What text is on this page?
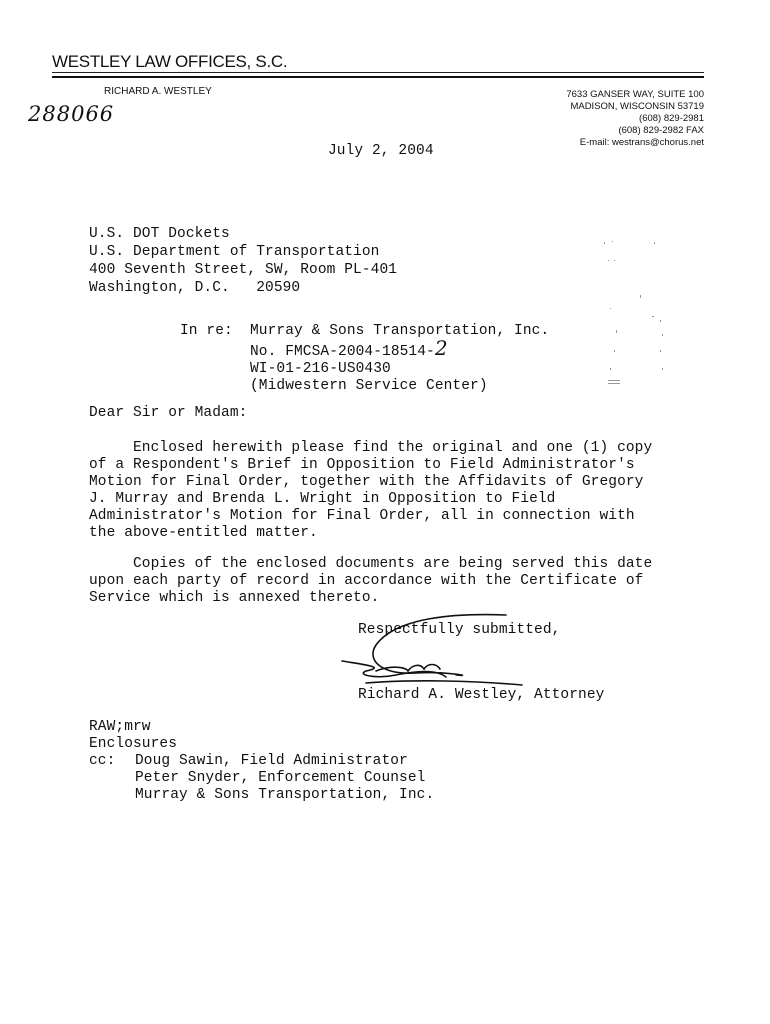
WESTLEY LAW OFFICES, S.C.
RICHARD A. WESTLEY	7633 GANSER WAY, SUITE 100
MADISON, WISCONSIN 53719
(608) 829-2981
(608) 829-2982 FAX
E-mail: westrans@chorus.net
288066
July 2, 2004
U.S. DOT Dockets
U.S. Department of Transportation
400 Seventh Street, SW, Room PL-401
Washington, D.C.   20590
In re: Murray & Sons Transportation, Inc.
No. FMCSA-2004-18514-2
WI-01-216-US0430
(Midwestern Service Center)
Dear Sir or Madam:
Enclosed herewith please find the original and one (1) copy
of a Respondent's Brief in Opposition to Field Administrator's
Motion for Final Order, together with the Affidavits of Gregory
J. Murray and Brenda L. Wright in Opposition to Field
Administrator's Motion for Final Order, all in connection with
the above-entitled matter.
Copies of the enclosed documents are being served this date
upon each party of record in accordance with the Certificate of
Service which is annexed thereto.
Respectfully submitted,
Richard A. Westley, Attorney
RAW;mrw
Enclosures
cc: Doug Sawin, Field Administrator
Peter Snyder, Enforcement Counsel
Murray & Sons Transportation, Inc.
